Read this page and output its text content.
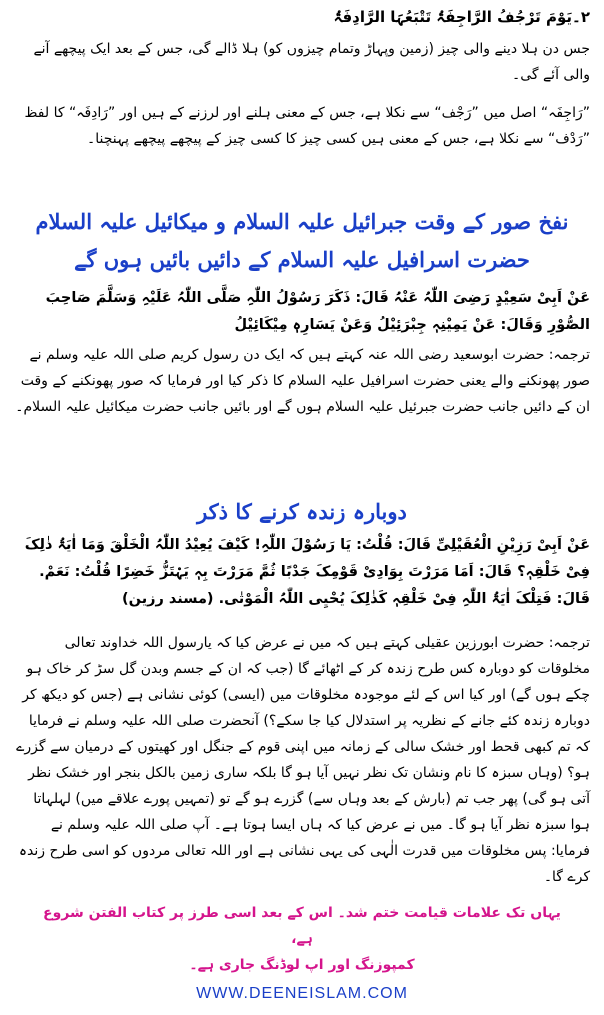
۲۔یَوْمَ تَرْجُفُ الرَّاجِفَۃُ تَتْبَعُہَا الرَّادِفَۃُ

جس دن ہلا دینے والی چیز (زمین وپہاڑ وتمام چیزوں کو) ہلا ڈالے گی، جس کے بعد ایک پیچھے آنے والی آئے گی۔

”رَاجِفَہ“ اصل میں ”رَجْف“ سے نکلا ہے، جس کے معنی ہلنے اور لرزنے کے ہیں اور ”رَادِفَہ“ کا لفظ ”رَدْف“ سے نکلا ہے، جس کے معنی ہیں کسی چیز کا کسی چیز کے پیچھے پیچھے پہنچنا۔

نفخ صور کے وقت جبرائیل علیہ السلام و میکائیل علیہ السلام حضرت اسرافیل علیہ السلام کے دائیں بائیں ہوں گے

عَنْ اَبِیْ سَعِیْدٍ رَضِیَ اللّٰہُ عَنْہُ قَالَ: ذَکَرَ رَسُوْلُ اللّٰہِ صَلَّی اللّٰہُ عَلَیْہِ وَسَلَّمَ صَاحِبَ الصُّوْرِ وَقَالَ: عَنْ یَمِیْنِہٖ جِبْرَئِیْلُ وَعَنْ یَسَارِہٖ مِیْکَائِیْلُ

ترجمہ: حضرت ابوسعید رضی اللہ عنہ کہتے ہیں کہ ایک دن رسول کریم صلی اللہ علیہ وسلم نے صور پھونکنے والے یعنی حضرت اسرافیل علیہ السلام کا ذکر کیا اور فرمایا کہ صور پھونکنے کے وقت ان کے دائیں جانب حضرت جبرئیل علیہ السلام ہوں گے اور بائیں جانب حضرت میکائیل علیہ السلام۔

دوبارہ زندہ کرنے کا ذکر

عَنْ اَبِیْ رَزِیْنِ الْعُقَیْلِیِّ قَالَ: قُلْتُ: یَا رَسُوْلَ اللّٰہِ! کَیْفَ یُعِیْدُ اللّٰہُ الْخَلْقَ وَمَا اٰیَۃُ ذٰلِکَ فِیْ خَلْقِہٖ؟ قَالَ: اَمَا مَرَرْتَ بِوَادِیْ قَوْمِکَ جَدْبًا ثُمَّ مَرَرْتَ بِہٖ یَہْتَزُّ خَضِرًا قُلْتُ: نَعَمْ. قَالَ: فَتِلْکَ اٰیَۃُ اللّٰہِ فِیْ خَلْقِہٖ کَذٰلِکَ یُحْیِی اللّٰہُ الْمَوْتٰی. (مسند رزین)

ترجمہ: حضرت ابورزین عقیلی کہتے ہیں کہ میں نے عرض کیا کہ یارسول اللہ خداوند تعالی مخلوقات کو دوبارہ کس طرح زندہ کر کے اٹھائے گا (جب کہ ان کے جسم وبدن گل سڑ کر خاک ہو چکے ہوں گے) اور کیا اس کے لئے موجودہ مخلوقات میں (ایسی) کوئی نشانی ہے (جس کو دیکھ کر دوبارہ زندہ کئے جانے کے نظریہ پر استدلال کیا جا سکے؟) آنحضرت صلی اللہ علیہ وسلم نے فرمایا کہ تم کبھی قحط اور خشک سالی کے زمانہ میں اپنی قوم کے جنگل اور کھیتوں کے درمیان سے گزرے ہو؟ (وہاں سبزہ کا نام ونشان تک نظر نہیں آیا ہو گا بلکہ ساری زمین بالکل بنجر اور خشک نظر آتی ہو گی) پھر جب تم (بارش کے بعد وہاں سے) گزرے ہو گے تو (تمہیں پورے علاقے میں) لہلہاتا ہوا سبزہ نظر آیا ہو گا۔ میں نے عرض کیا کہ ہاں ایسا ہوتا ہے۔ آپ صلی اللہ علیہ وسلم نے فرمایا: پس مخلوقات میں قدرت الٰہی کی یہی نشانی ہے اور اللہ تعالی مردوں کو اسی طرح زندہ کرے گا۔

یہاں تک علامات قیامت ختم شد۔ اس کے بعد اسی طرز پر کتاب الفتن شروع ہے،

کمپوزنگ اور اپ لوڈنگ جاری ہے۔

WWW.DEENEISLAM.COM
